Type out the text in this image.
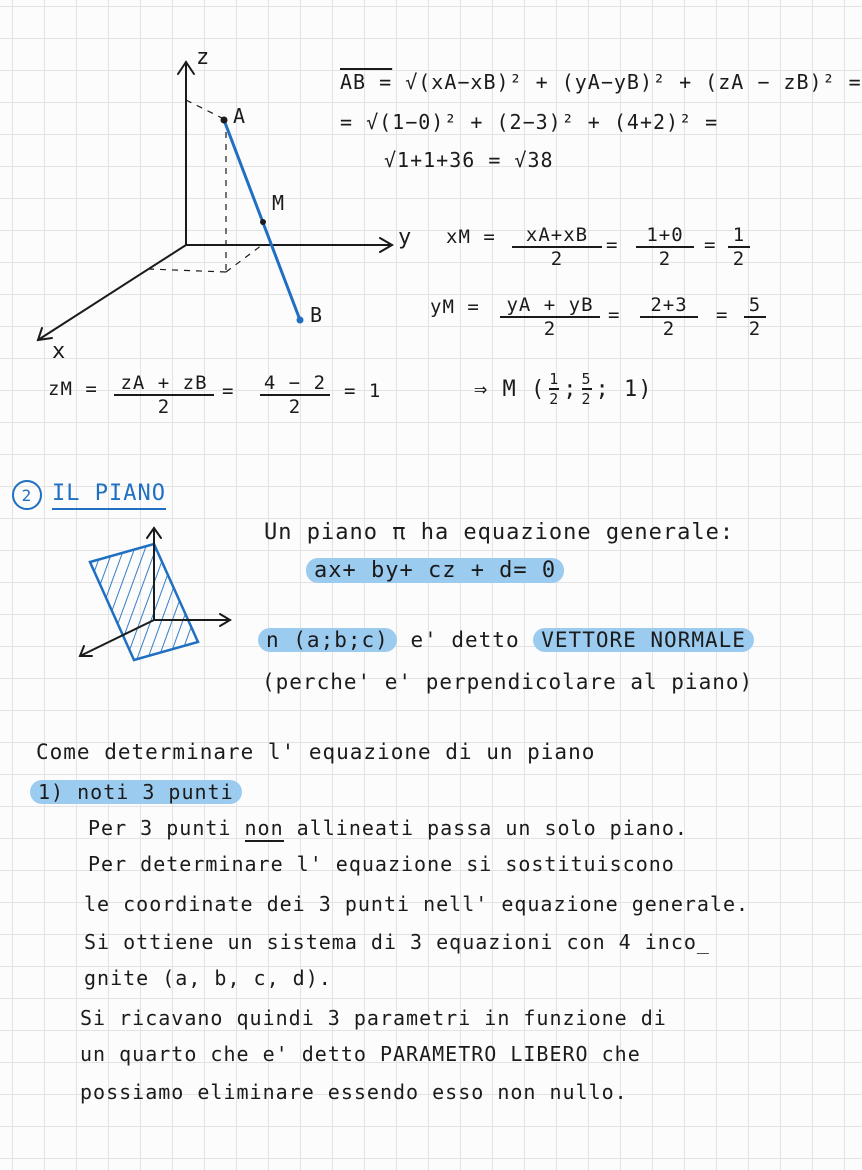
z
y
x
A
M
B
AB = √(xA−xB)² + (yA−yB)² + (zA − zB)² =
= √(1−0)² + (2−3)² + (4+2)² =
√1+1+36 = √38
xM = $\frac{xA+xB}{2} = \frac{1+0}{2} = \frac{1}{2}$
yM = $\frac{yA + yB}{2} = \frac{2+3}{2} = \frac{5}{2}$
zM = $\frac{zA + zB}{2} = \frac{4 - 2}{2} = 1$	⇒ M ( $\frac{1}{2}$ ; $\frac{5}{2}$ ; 1)
2 IL PIANO
Un piano π ha equazione generale:
ax+ by+ cz + d= 0
n (a;b;c) e' detto VETTORE NORMALE
(perche' e' perpendicolare al piano)
Come determinare l' equazione di un piano
1) noti 3 punti
Per 3 punti non allineati passa un solo piano.
Per determinare l' equazione si sostituiscono
le coordinate dei 3 punti nell' equazione generale.
Si ottiene un sistema di 3 equazioni con 4 inco_
gnite (a, b, c, d).
Si ricavano quindi 3 parametri in funzione di
un quarto che e' detto PARAMETRO LIBERO che
possiamo eliminare essendo esso non nullo.
